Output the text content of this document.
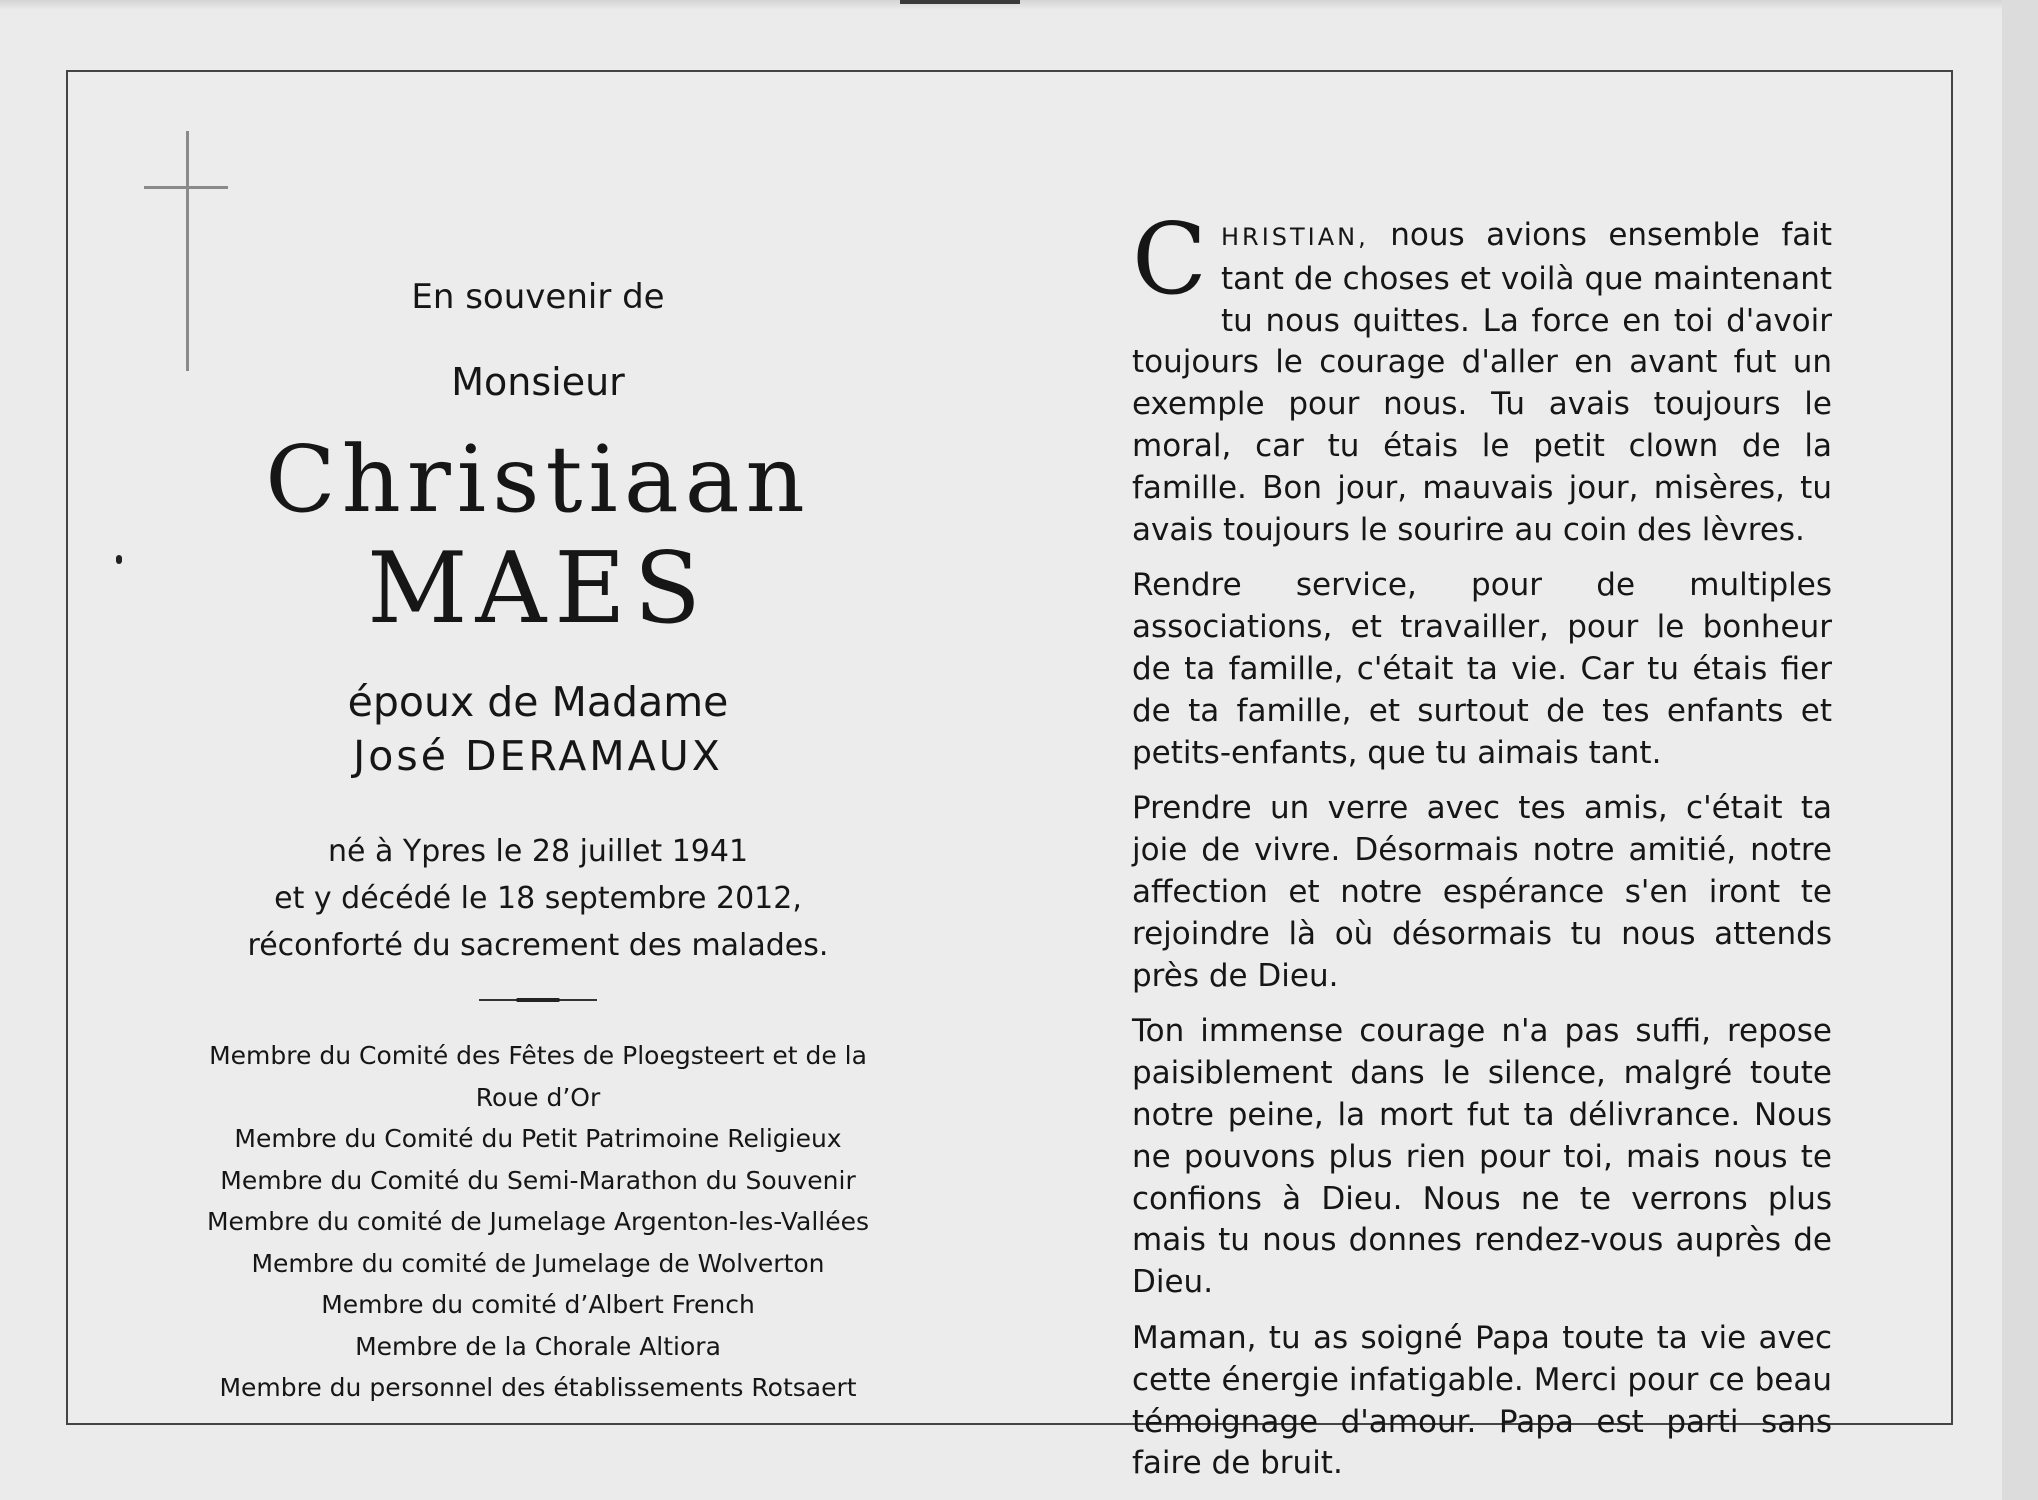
En souvenir de
Monsieur
Christiaan
MAES
époux de Madame
José DERAMAUX
né à Ypres le 28 juillet 1941
et y décédé le 18 septembre 2012,
réconforté du sacrement des malades.
Membre du Comité des Fêtes de Ploegsteert et de la Roue d’Or
Membre du Comité du Petit Patrimoine Religieux
Membre du Comité du Semi-Marathon du Souvenir
Membre du comité de Jumelage Argenton-les-Vallées
Membre du comité de Jumelage de Wolverton
Membre du comité d’Albert French
Membre de la Chorale Altiora
Membre du personnel des établissements Rotsaert

CHRISTIAN, nous avions ensemble fait tant de choses et voilà que maintenant tu nous quittes. La force en toi d'avoir toujours le courage d'aller en avant fut un exemple pour nous. Tu avais toujours le moral, car tu étais le petit clown de la famille. Bon jour, mauvais jour, misères, tu avais toujours le sourire au coin des lèvres.

Rendre service, pour de multiples associations, et travailler, pour le bonheur de ta famille, c'était ta vie. Car tu étais fier de ta famille, et surtout de tes enfants et petits-enfants, que tu aimais tant.

Prendre un verre avec tes amis, c'était ta joie de vivre. Désormais notre amitié, notre affection et notre espérance s'en iront te rejoindre là où désormais tu nous attends près de Dieu.

Ton immense courage n'a pas suffi, repose paisiblement dans le silence, malgré toute notre peine, la mort fut ta délivrance. Nous ne pouvons plus rien pour toi, mais nous te confions à Dieu. Nous ne te verrons plus mais tu nous donnes rendez-vous auprès de Dieu.

Maman, tu as soigné Papa toute ta vie avec cette énergie infatigable. Merci pour ce beau témoignage d'amour. Papa est parti sans faire de bruit.
